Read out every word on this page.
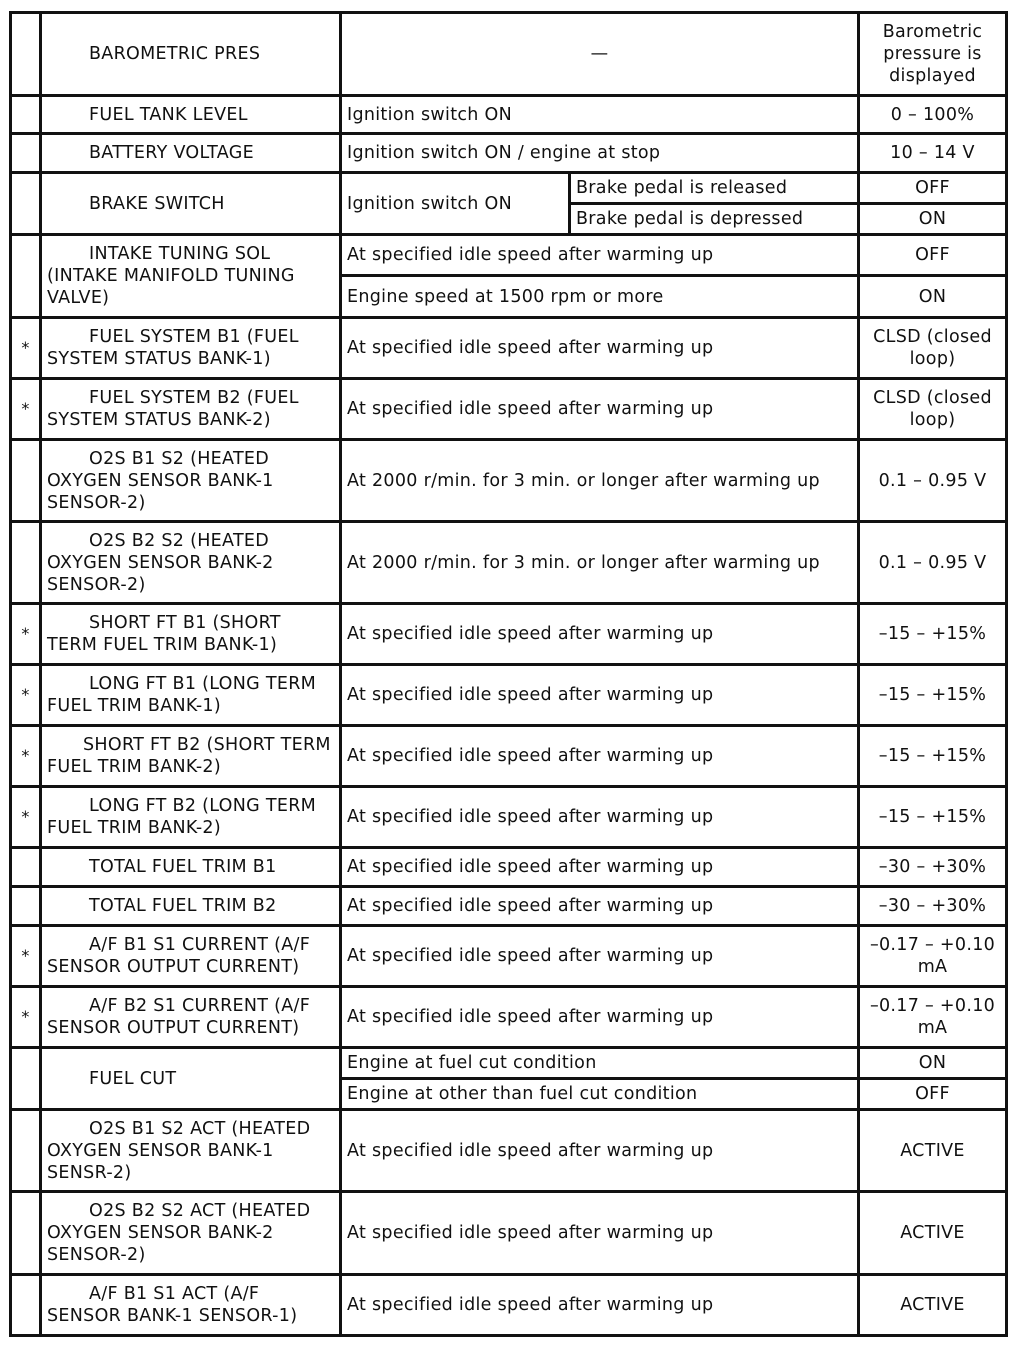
	BAROMETRIC PRES	—		Barometric pressure is displayed
	FUEL TANK LEVEL	Ignition switch ON		0 – 100%
	BATTERY VOLTAGE	Ignition switch ON / engine at stop		10 – 14 V
	BRAKE SWITCH	Ignition switch ON	Brake pedal is released	OFF
			Brake pedal is depressed	ON
	INTAKE TUNING SOL (INTAKE MANIFOLD TUNING VALVE)	At specified idle speed after warming up		OFF
		Engine speed at 1500 rpm or more		ON
*	FUEL SYSTEM B1 (FUEL SYSTEM STATUS BANK-1)	At specified idle speed after warming up		CLSD (closed loop)
*	FUEL SYSTEM B2 (FUEL SYSTEM STATUS BANK-2)	At specified idle speed after warming up		CLSD (closed loop)
	O2S B1 S2 (HEATED OXYGEN SENSOR BANK-1 SENSOR-2)	At 2000 r/min. for 3 min. or longer after warming up		0.1 – 0.95 V
	O2S B2 S2 (HEATED OXYGEN SENSOR BANK-2 SENSOR-2)	At 2000 r/min. for 3 min. or longer after warming up		0.1 – 0.95 V
*	SHORT FT B1 (SHORT TERM FUEL TRIM BANK-1)	At specified idle speed after warming up		–15 – +15%
*	LONG FT B1 (LONG TERM FUEL TRIM BANK-1)	At specified idle speed after warming up		–15 – +15%
*	SHORT FT B2 (SHORT TERM FUEL TRIM BANK-2)	At specified idle speed after warming up		–15 – +15%
*	LONG FT B2 (LONG TERM FUEL TRIM BANK-2)	At specified idle speed after warming up		–15 – +15%
	TOTAL FUEL TRIM B1	At specified idle speed after warming up		–30 – +30%
	TOTAL FUEL TRIM B2	At specified idle speed after warming up		–30 – +30%
*	A/F B1 S1 CURRENT (A/F SENSOR OUTPUT CURRENT)	At specified idle speed after warming up		–0.17 – +0.10 mA
*	A/F B2 S1 CURRENT (A/F SENSOR OUTPUT CURRENT)	At specified idle speed after warming up		–0.17 – +0.10 mA
	FUEL CUT	Engine at fuel cut condition		ON
		Engine at other than fuel cut condition		OFF
	O2S B1 S2 ACT (HEATED OXYGEN SENSOR BANK-1 SENSR-2)	At specified idle speed after warming up		ACTIVE
	O2S B2 S2 ACT (HEATED OXYGEN SENSOR BANK-2 SENSOR-2)	At specified idle speed after warming up		ACTIVE
	A/F B1 S1 ACT (A/F SENSOR BANK-1 SENSOR-1)	At specified idle speed after warming up		ACTIVE
